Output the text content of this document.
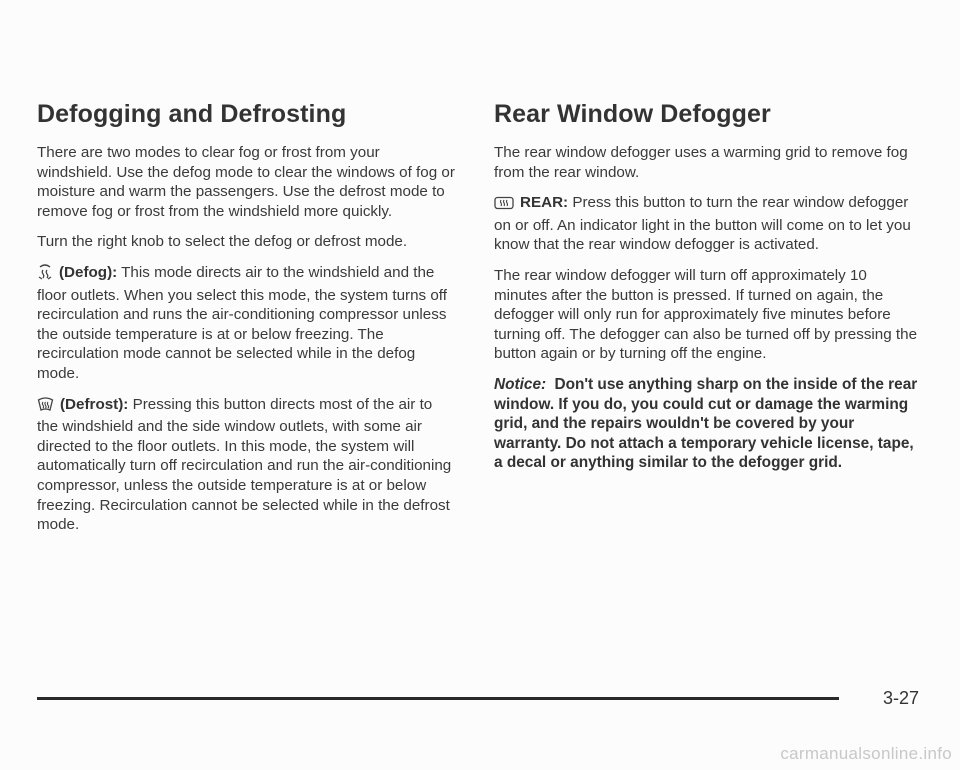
Defogging and Defrosting

There are two modes to clear fog or frost from your windshield. Use the defog mode to clear the windows of fog or moisture and warm the passengers. Use the defrost mode to remove fog or frost from the windshield more quickly.

Turn the right knob to select the defog or defrost mode.

(Defog): This mode directs air to the windshield and the floor outlets. When you select this mode, the system turns off recirculation and runs the air-conditioning compressor unless the outside temperature is at or below freezing. The recirculation mode cannot be selected while in the defog mode.

(Defrost): Pressing this button directs most of the air to the windshield and the side window outlets, with some air directed to the floor outlets. In this mode, the system will automatically turn off recirculation and run the air-conditioning compressor, unless the outside temperature is at or below freezing. Recirculation cannot be selected while in the defrost mode.

Rear Window Defogger

The rear window defogger uses a warming grid to remove fog from the rear window.

REAR: Press this button to turn the rear window defogger on or off. An indicator light in the button will come on to let you know that the rear window defogger is activated.

The rear window defogger will turn off approximately 10 minutes after the button is pressed. If turned on again, the defogger will only run for approximately five minutes before turning off. The defogger can also be turned off by pressing the button again or by turning off the engine.

Notice: Don't use anything sharp on the inside of the rear window. If you do, you could cut or damage the warming grid, and the repairs wouldn't be covered by your warranty. Do not attach a temporary vehicle license, tape, a decal or anything similar to the defogger grid.

3-27
carmanualsonline.info
